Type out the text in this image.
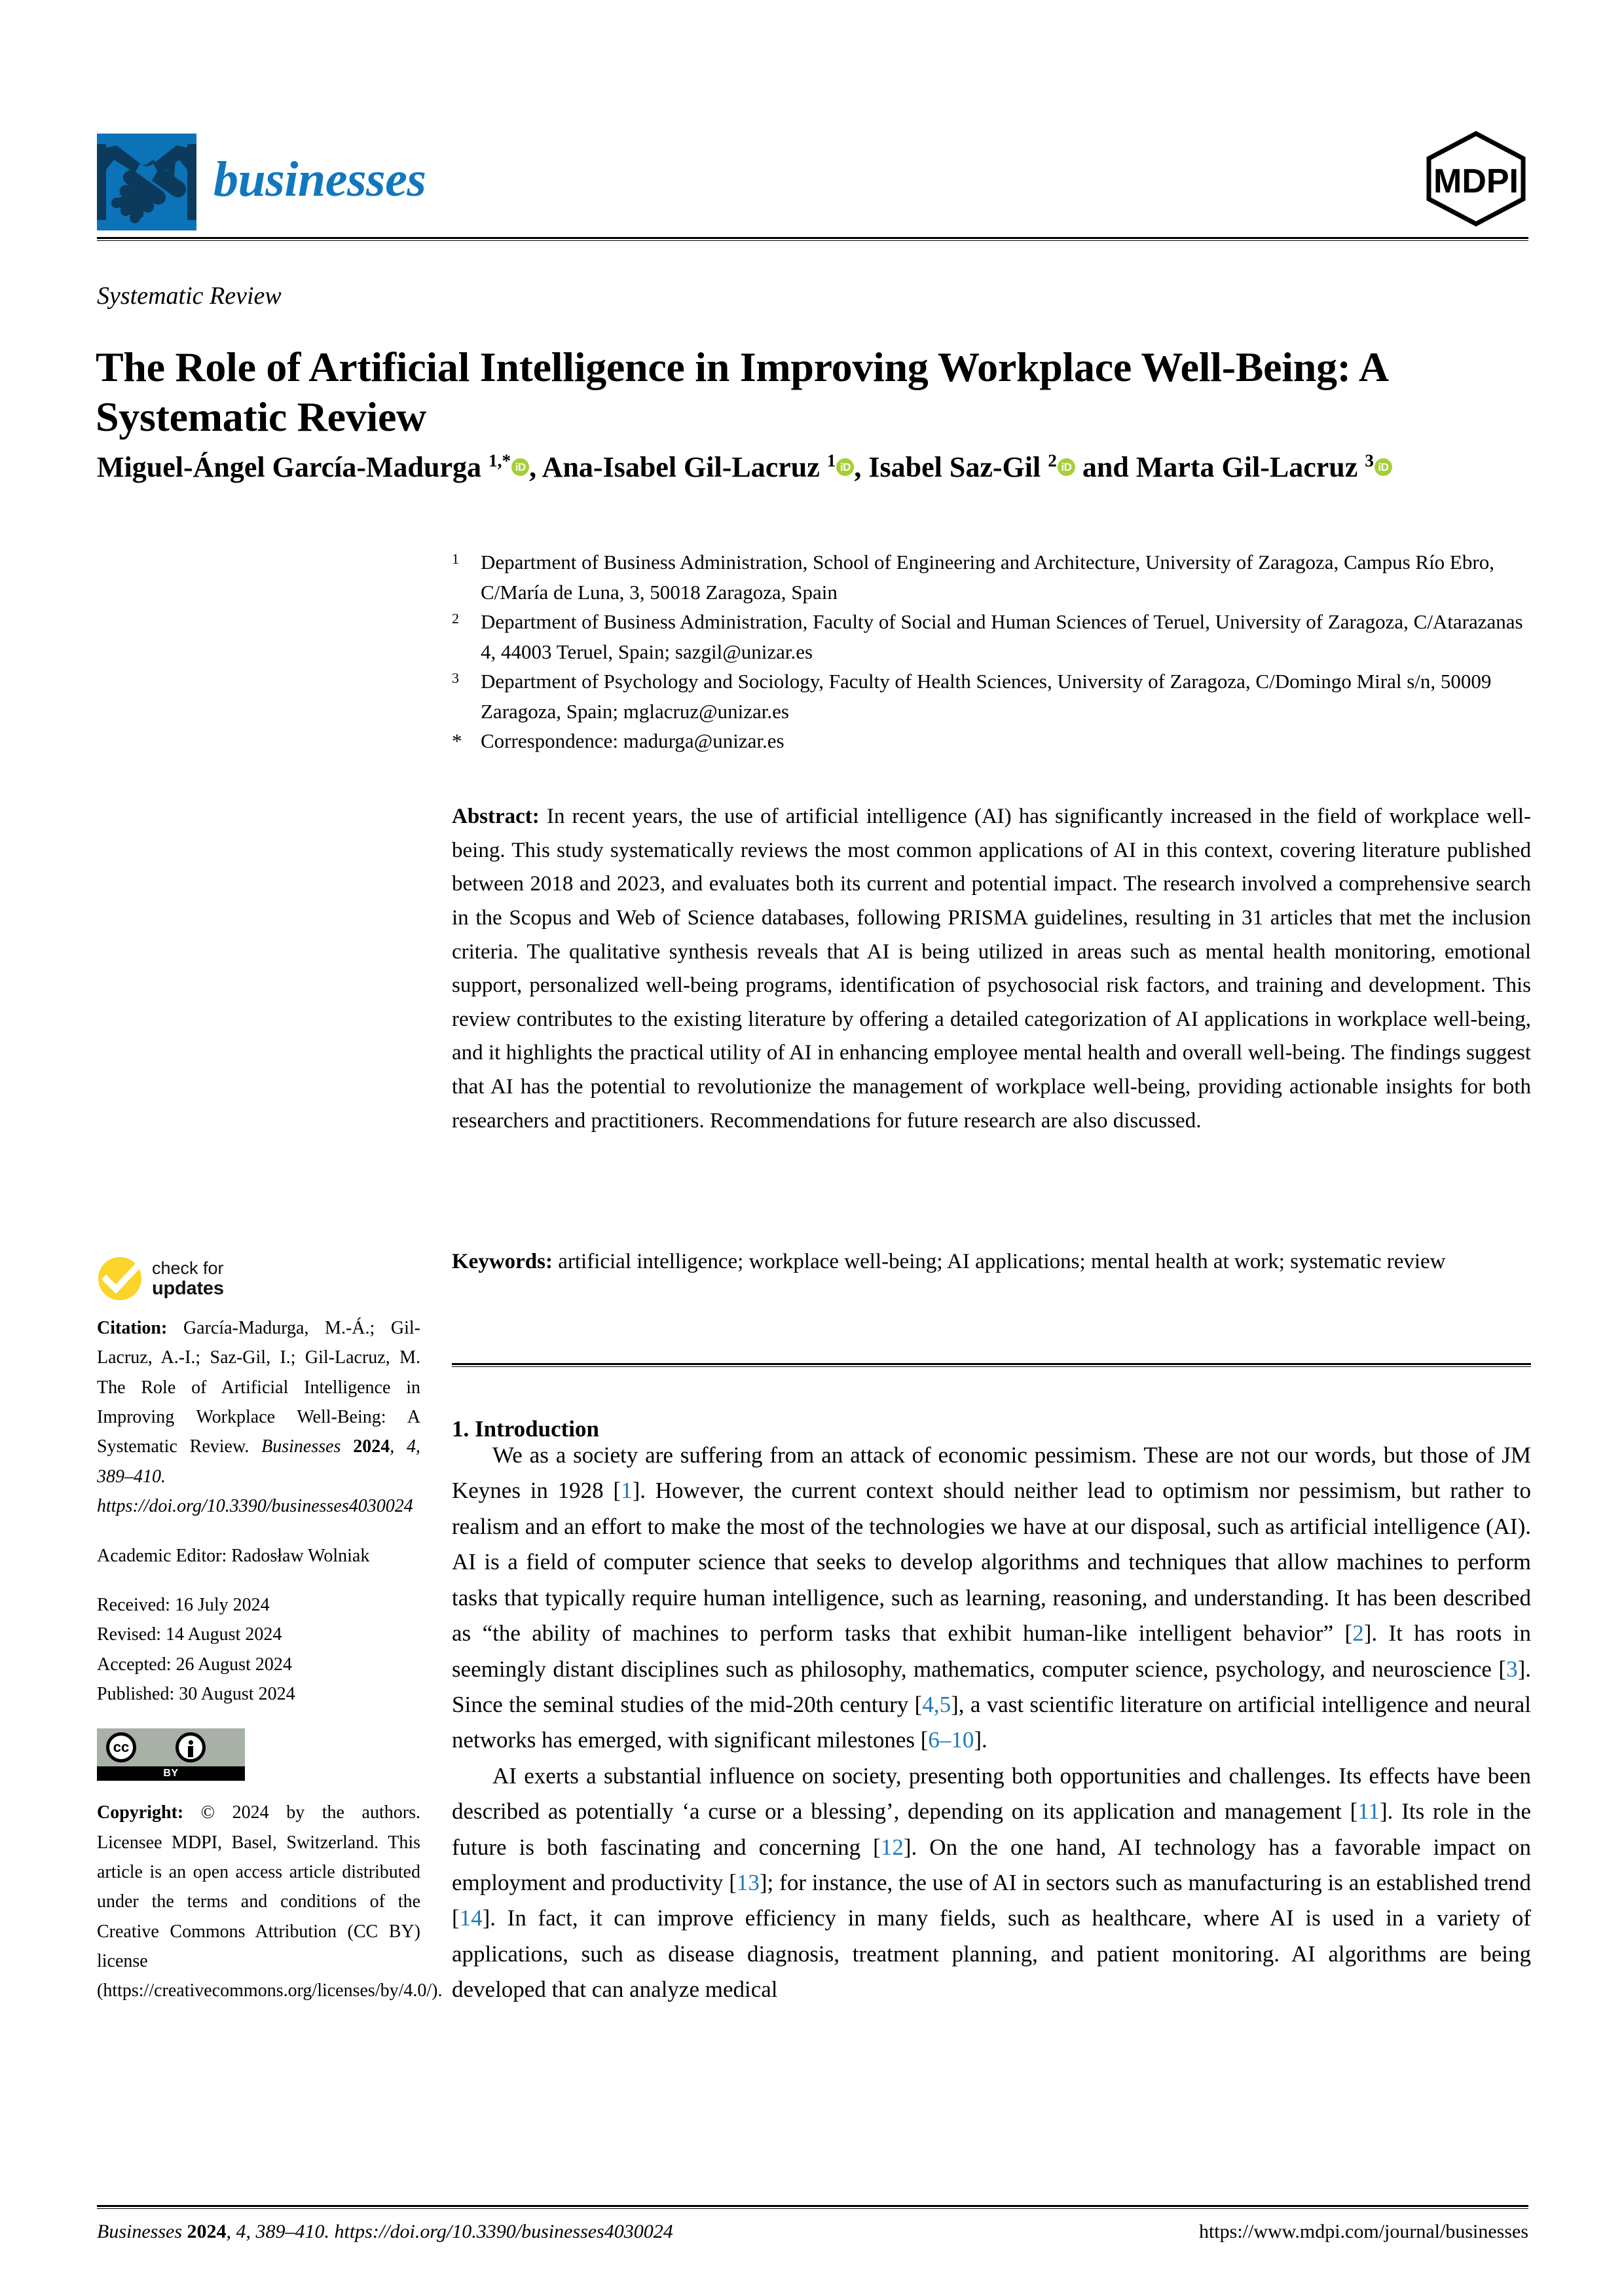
businesses	MDPI
Systematic Review
The Role of Artificial Intelligence in Improving Workplace Well-Being: A Systematic Review
Miguel-Ángel García-Madurga $^{1,*}$ iD , Ana-Isabel Gil-Lacruz $^1$ iD , Isabel Saz-Gil $^2$ iD and Marta Gil-Lacruz $^3$ iD
1	Department of Business Administration, School of Engineering and Architecture, University of Zaragoza, Campus Río Ebro, C/María de Luna, 3, 50018 Zaragoza, Spain
2	Department of Business Administration, Faculty of Social and Human Sciences of Teruel, University of Zaragoza, C/Atarazanas 4, 44003 Teruel, Spain; sazgil@unizar.es
3	Department of Psychology and Sociology, Faculty of Health Sciences, University of Zaragoza, C/Domingo Miral s/n, 50009 Zaragoza, Spain; mglacruz@unizar.es
* Correspondence: madurga@unizar.es
Abstract: In recent years, the use of artificial intelligence (AI) has significantly increased in the field of workplace well-being. This study systematically reviews the most common applications of AI in this context, covering literature published between 2018 and 2023, and evaluates both its current and potential impact. The research involved a comprehensive search in the Scopus and Web of Science databases, following PRISMA guidelines, resulting in 31 articles that met the inclusion criteria. The qualitative synthesis reveals that AI is being utilized in areas such as mental health monitoring, emotional support, personalized well-being programs, identification of psychosocial risk factors, and training and development. This review contributes to the existing literature by offering a detailed categorization of AI applications in workplace well-being, and it highlights the practical utility of AI in enhancing employee mental health and overall well-being. The findings suggest that AI has the potential to revolutionize the management of workplace well-being, providing actionable insights for both researchers and practitioners. Recommendations for future research are also discussed.
Keywords: artificial intelligence; workplace well-being; AI applications; mental health at work; systematic review
check for
updates
Citation: García-Madurga, M.-Á.; Gil-Lacruz, A.-I.; Saz-Gil, I.; Gil-Lacruz, M. The Role of Artificial Intelligence in Improving Workplace Well-Being: A Systematic Review. Businesses 2024, 4, 389–410. https://doi.org/10.3390/businesses4030024
Academic Editor: Radosław Wolniak
Received: 16 July 2024
Revised: 14 August 2024
Accepted: 26 August 2024
Published: 30 August 2024
cc
BY
Copyright: © 2024 by the authors. Licensee MDPI, Basel, Switzerland. This article is an open access article distributed under the terms and conditions of the Creative Commons Attribution (CC BY) license (https://creativecommons.org/licenses/by/4.0/).
1. Introduction

We as a society are suffering from an attack of economic pessimism. These are not our words, but those of JM Keynes in 1928 [1]. However, the current context should neither lead to optimism nor pessimism, but rather to realism and an effort to make the most of the technologies we have at our disposal, such as artificial intelligence (AI). AI is a field of computer science that seeks to develop algorithms and techniques that allow machines to perform tasks that typically require human intelligence, such as learning, reasoning, and understanding. It has been described as “the ability of machines to perform tasks that exhibit human-like intelligent behavior” [2]. It has roots in seemingly distant disciplines such as philosophy, mathematics, computer science, psychology, and neuroscience [3]. Since the seminal studies of the mid-20th century [4,5], a vast scientific literature on artificial intelligence and neural networks has emerged, with significant milestones [6–10].

AI exerts a substantial influence on society, presenting both opportunities and challenges. Its effects have been described as potentially ‘a curse or a blessing’, depending on its application and management [11]. Its role in the future is both fascinating and concerning [12]. On the one hand, AI technology has a favorable impact on employment and productivity [13]; for instance, the use of AI in sectors such as manufacturing is an established trend [14]. In fact, it can improve efficiency in many fields, such as healthcare, where AI is used in a variety of applications, such as disease diagnosis, treatment planning, and patient monitoring. AI algorithms are being developed that can analyze medical

Businesses 2024, 4, 389–410. https://doi.org/10.3390/businesses4030024	https://www.mdpi.com/journal/businesses
